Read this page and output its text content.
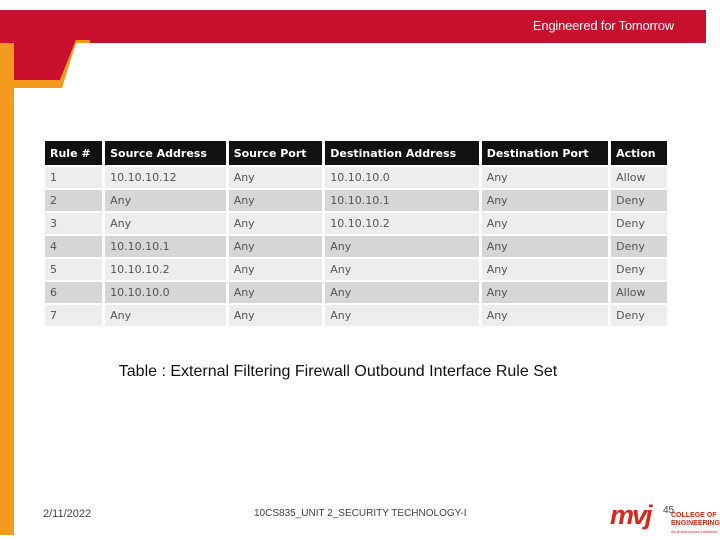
Engineered for Tomorrow
Rule #	Source Address	Source Port	Destination Address	Destination Port	Action
1	10.10.10.12	Any	10.10.10.0	Any	Allow
2	Any	Any	10.10.10.1	Any	Deny
3	Any	Any	10.10.10.2	Any	Deny
4	10.10.10.1	Any	Any	Any	Deny
5	10.10.10.2	Any	Any	Any	Deny
6	10.10.10.0	Any	Any	Any	Allow
7	Any	Any	Any	Any	Deny
Table : External Filtering Firewall Outbound Interface Rule Set
2/11/2022	10CS835_UNIT 2_SECURITY TECHNOLOGY-I	45
mvj	COLLEGE OF
ENGINEERING
An Autonomous Institution
